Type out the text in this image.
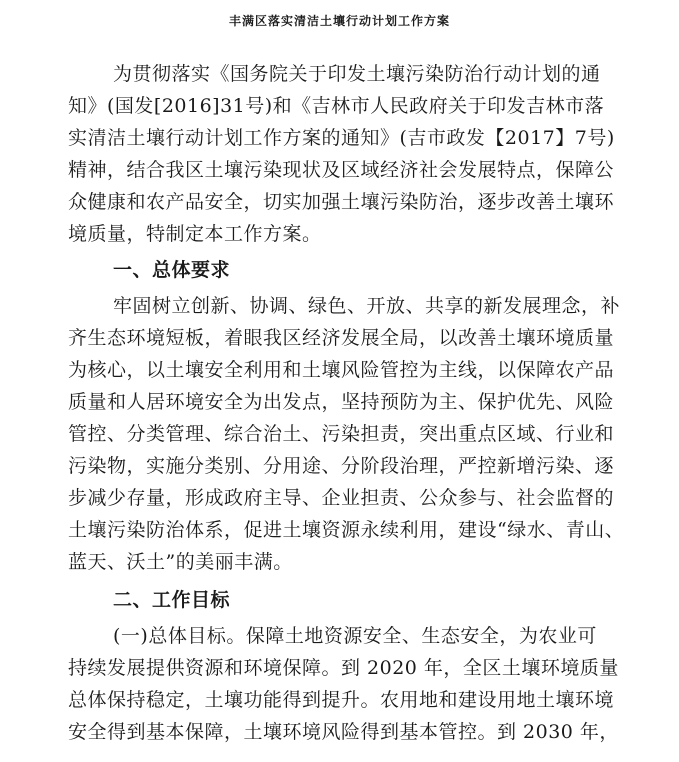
丰满区落实清洁土壤行动计划工作方案
为贯彻落实《国务院关于印发土壤污染防治行动计划的通
知》(国发[2016]31号)和《吉林市人民政府关于印发吉林市落
实清洁土壤行动计划工作方案的通知》(吉市政发【2017】7号)
精神，结合我区土壤污染现状及区域经济社会发展特点，保障公
众健康和农产品安全，切实加强土壤污染防治，逐步改善土壤环
境质量，特制定本工作方案。
一、总体要求
牢固树立创新、协调、绿色、开放、共享的新发展理念，补
齐生态环境短板，着眼我区经济发展全局，以改善土壤环境质量
为核心，以土壤安全利用和土壤风险管控为主线，以保障农产品
质量和人居环境安全为出发点，坚持预防为主、保护优先、风险
管控、分类管理、综合治土、污染担责，突出重点区域、行业和
污染物，实施分类别、分用途、分阶段治理，严控新增污染、逐
步减少存量，形成政府主导、企业担责、公众参与、社会监督的
土壤污染防治体系，促进土壤资源永续利用，建设“绿水、青山、
蓝天、沃土”的美丽丰满。
二、工作目标
(一)总体目标。保障土地资源安全、生态安全，为农业可
持续发展提供资源和环境保障。到 2020 年，全区土壤环境质量
总体保持稳定，土壤功能得到提升。农用地和建设用地土壤环境
安全得到基本保障，土壤环境风险得到基本管控。到 2030 年，
